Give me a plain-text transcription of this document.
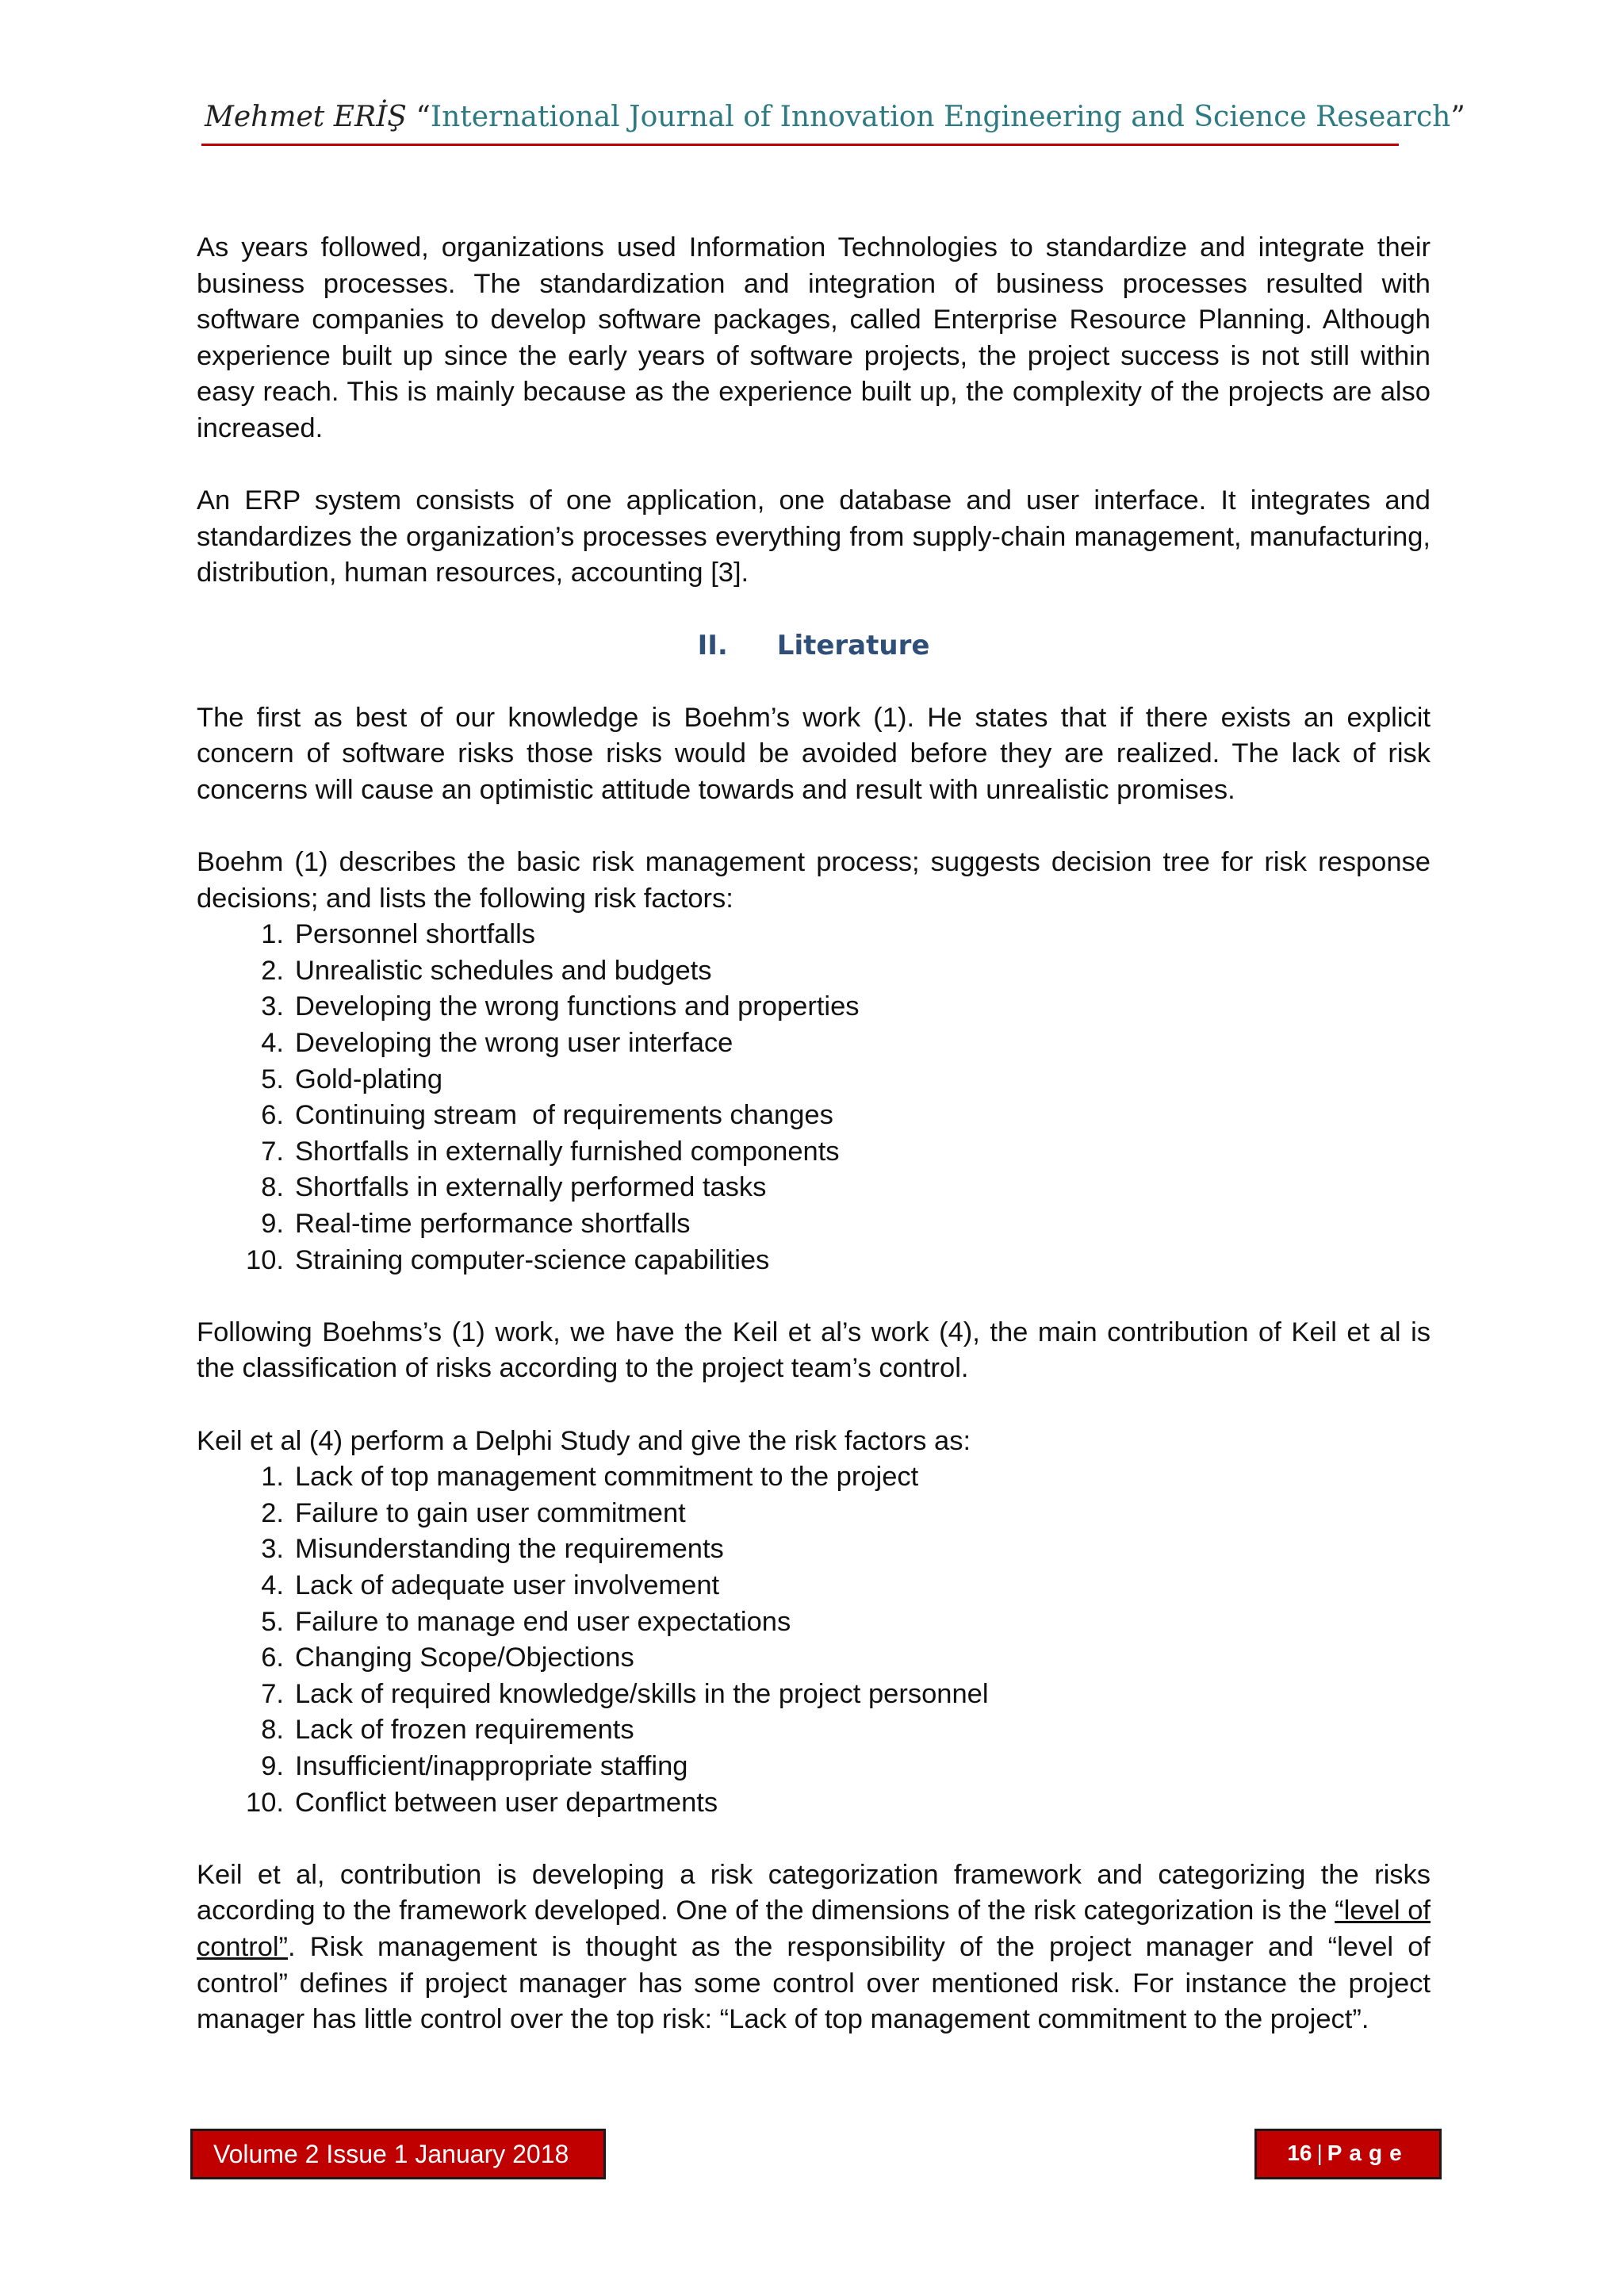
Mehmet ERİŞ “International Journal of Innovation Engineering and Science Research”

As years followed, organizations used Information Technologies to standardize and integrate their business processes. The standardization and integration of business processes resulted with software companies to develop software packages, called Enterprise Resource Planning. Although experience built up since the early years of software projects, the project success is not still within easy reach. This is mainly because as the experience built up, the complexity of the projects are also increased.

An ERP system consists of one application, one database and user interface. It integrates and standardizes the organization’s processes everything from supply-chain management, manufacturing, distribution, human resources, accounting [3].

II. Literature

The first as best of our knowledge is Boehm’s work (1). He states that if there exists an explicit concern of software risks those risks would be avoided before they are realized. The lack of risk concerns will cause an optimistic attitude towards and result with unrealistic promises.

Boehm (1) describes the basic risk management process; suggests decision tree for risk response decisions; and lists the following risk factors:

1. Personnel shortfalls
2. Unrealistic schedules and budgets
3. Developing the wrong functions and properties
4. Developing the wrong user interface
5. Gold-plating
6. Continuing stream  of requirements changes
7. Shortfalls in externally furnished components
8. Shortfalls in externally performed tasks
9. Real-time performance shortfalls
10. Straining computer-science capabilities

Following Boehms’s (1) work, we have the Keil et al’s work (4), the main contribution of Keil et al is the classification of risks according to the project team’s control.

Keil et al (4) perform a Delphi Study and give the risk factors as:

1. Lack of top management commitment to the project
2. Failure to gain user commitment
3. Misunderstanding the requirements
4. Lack of adequate user involvement
5. Failure to manage end user expectations
6. Changing Scope/Objections
7. Lack of required knowledge/skills in the project personnel
8. Lack of frozen requirements
9. Insufficient/inappropriate staffing
10. Conflict between user departments

Keil et al, contribution is developing a risk categorization framework and categorizing the risks according to the framework developed. One of the dimensions of the risk categorization is the “level of control”. Risk management is thought as the responsibility of the project manager and “level of control” defines if project manager has some control over mentioned risk. For instance the project manager has little control over the top risk: “Lack of top management commitment to the project”.

Volume 2 Issue 1 January 2018	16 | Page
